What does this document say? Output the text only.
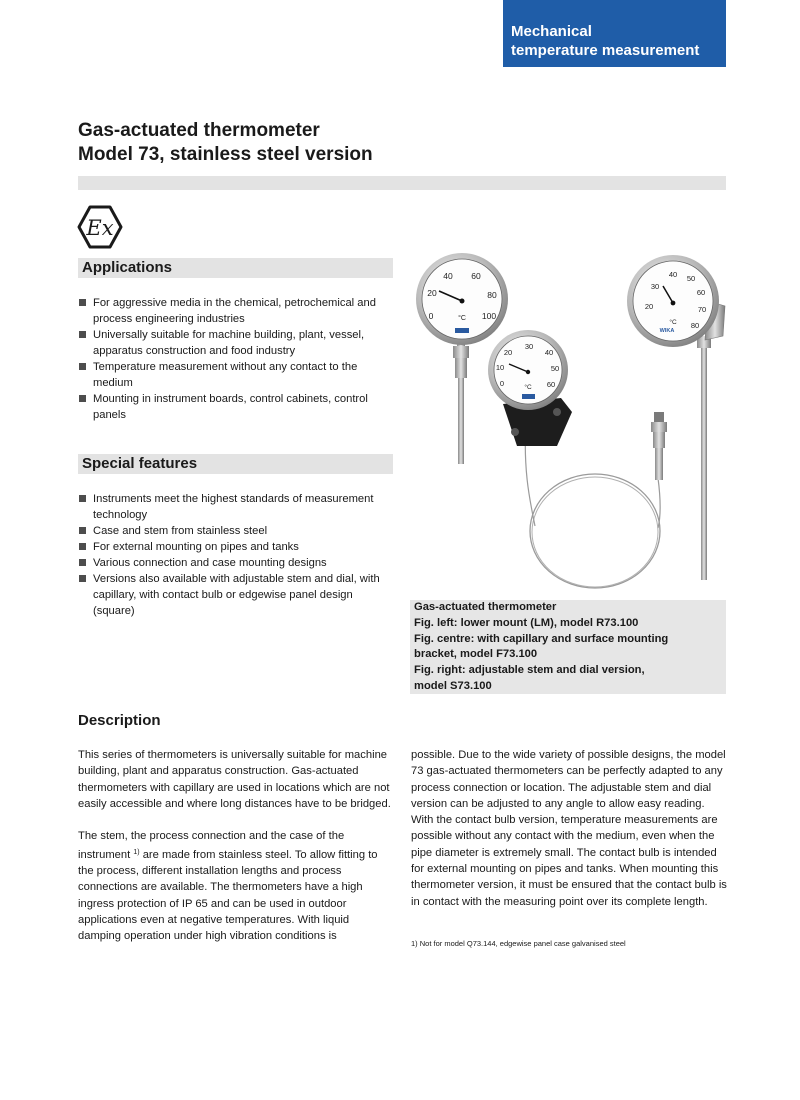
Mechanical
temperature measurement
Gas-actuated thermometer
Model 73, stainless steel version
Ex
Applications
For aggressive media in the chemical, petrochemical and process engineering industries
Universally suitable for machine building, plant, vessel, apparatus construction and food industry
Temperature measurement without any contact to the medium
Mounting in instrument boards, control cabinets, control panels
Special features
Instruments meet the highest standards of measurement technology
Case and stem from stainless steel
For external mounting on pipes and tanks
Various connection and case mounting designs
Versions also available with adjustable stem and dial, with capillary, with contact bulb or edgewise panel design (square)
0
20
40 60
80
100
°C
0
10
20
30
40
50
60
°C
20
30
40 50
60
70
80
°C
WIKA
Gas-actuated thermometer
Fig. left: lower mount (LM), model R73.100
Fig. centre: with capillary and surface mounting
bracket, model F73.100
Fig. right: adjustable stem and dial version,
model S73.100
Description

This series of thermometers is universally suitable for machine building, plant and apparatus construction. Gas-actuated thermometers with capillary are used in locations which are not easily accessible and where long distances have to be bridged.

The stem, the process connection and the case of the instrument $^{1)}$ are made from stainless steel. To allow fitting to the process, different installation lengths and process connections are available. The thermometers have a high ingress protection of IP 65 and can be used in outdoor applications even at negative temperatures. With liquid damping operation under high vibration conditions is

possible. Due to the wide variety of possible designs, the model 73 gas-actuated thermometers can be perfectly adapted to any process connection or location. The adjustable stem and dial version can be adjusted to any angle to allow easy reading. With the contact bulb version, temperature measurements are possible without any contact with the medium, even when the pipe diameter is extremely small. The contact bulb is intended for external mounting on pipes and tanks. When mounting this thermometer version, it must be ensured that the contact bulb is in contact with the measuring point over its complete length.

1) Not for model Q73.144, edgewise panel case galvanised steel
